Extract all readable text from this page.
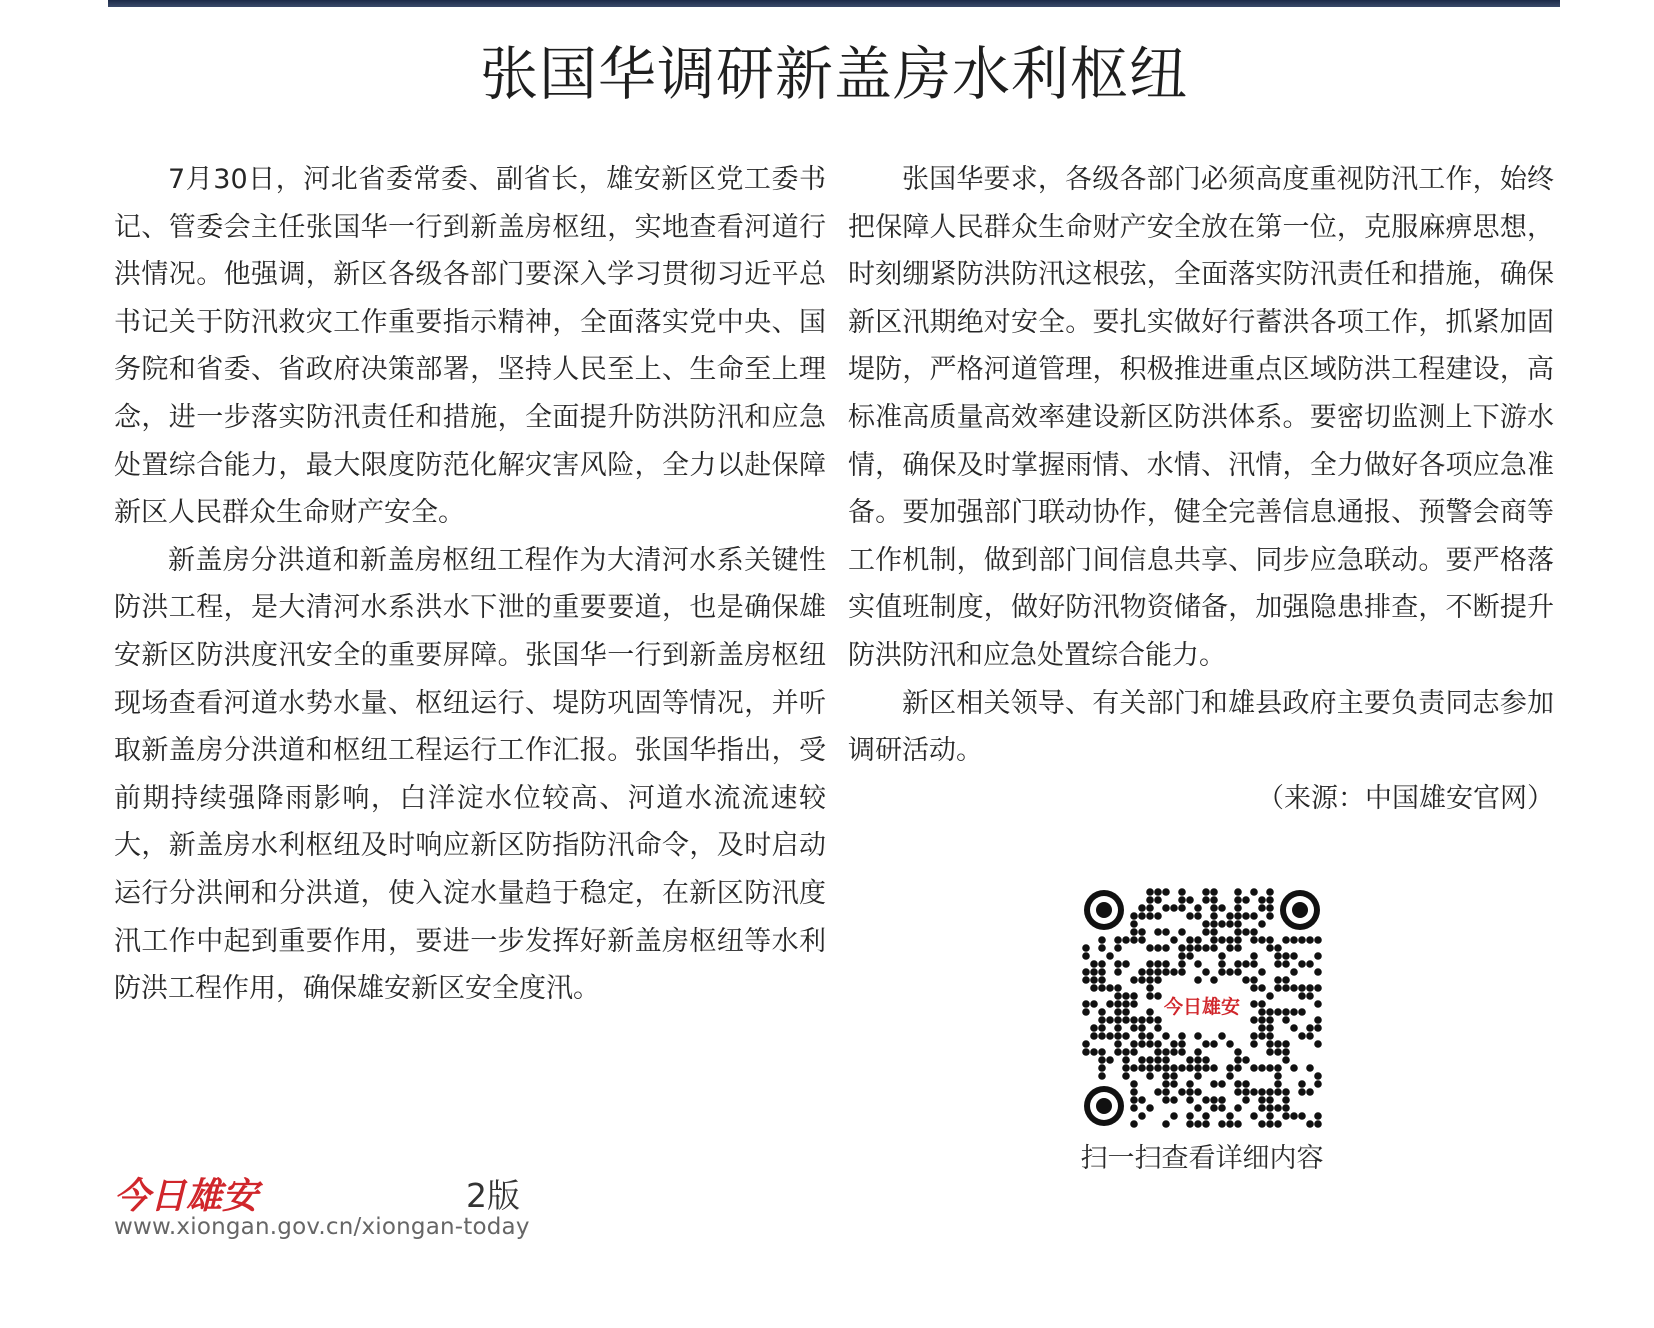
张国华调研新盖房水利枢纽

7月30日，河北省委常委、副省长，雄安新区党工委书记、管委会主任张国华一行到新盖房枢纽，实地查看河道行洪情况。他强调，新区各级各部门要深入学习贯彻习近平总书记关于防汛救灾工作重要指示精神，全面落实党中央、国务院和省委、省政府决策部署，坚持人民至上、生命至上理念，进一步落实防汛责任和措施，全面提升防洪防汛和应急处置综合能力，最大限度防范化解灾害风险，全力以赴保障新区人民群众生命财产安全。

新盖房分洪道和新盖房枢纽工程作为大清河水系关键性防洪工程，是大清河水系洪水下泄的重要要道，也是确保雄安新区防洪度汛安全的重要屏障。张国华一行到新盖房枢纽现场查看河道水势水量、枢纽运行、堤防巩固等情况，并听取新盖房分洪道和枢纽工程运行工作汇报。张国华指出，受前期持续强降雨影响，白洋淀水位较高、河道水流流速较大，新盖房水利枢纽及时响应新区防指防汛命令，及时启动运行分洪闸和分洪道，使入淀水量趋于稳定，在新区防汛度汛工作中起到重要作用，要进一步发挥好新盖房枢纽等水利防洪工程作用，确保雄安新区安全度汛。

张国华要求，各级各部门必须高度重视防汛工作，始终把保障人民群众生命财产安全放在第一位，克服麻痹思想，时刻绷紧防洪防汛这根弦，全面落实防汛责任和措施，确保新区汛期绝对安全。要扎实做好行蓄洪各项工作，抓紧加固堤防，严格河道管理，积极推进重点区域防洪工程建设，高标准高质量高效率建设新区防洪体系。要密切监测上下游水情，确保及时掌握雨情、水情、汛情，全力做好各项应急准备。要加强部门联动协作，健全完善信息通报、预警会商等工作机制，做到部门间信息共享、同步应急联动。要严格落实值班制度，做好防汛物资储备，加强隐患排查，不断提升防洪防汛和应急处置综合能力。

新区相关领导、有关部门和雄县政府主要负责同志参加调研活动。

（来源：中国雄安官网）

今日雄安
扫一扫查看详细内容
今日雄安	2版
www.xiongan.gov.cn/xiongan-today
